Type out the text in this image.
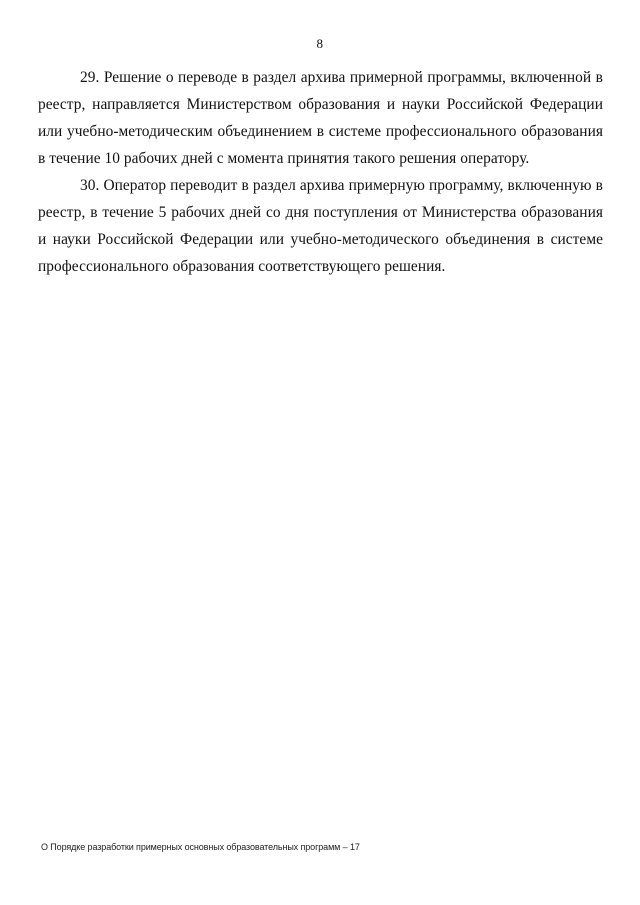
8

29. Решение о переводе в раздел архива примерной программы, включенной в реестр, направляется Министерством образования и науки Российской Федерации или учебно-методическим объединением в системе профессионального образования в течение 10 рабочих дней с момента принятия такого решения оператору.

30. Оператор переводит в раздел архива примерную программу, включенную в реестр, в течение 5 рабочих дней со дня поступления от Министерства образования и науки Российской Федерации или учебно-методического объединения в системе профессионального образования соответствующего решения.

О Порядке разработки примерных основных образовательных программ – 17
